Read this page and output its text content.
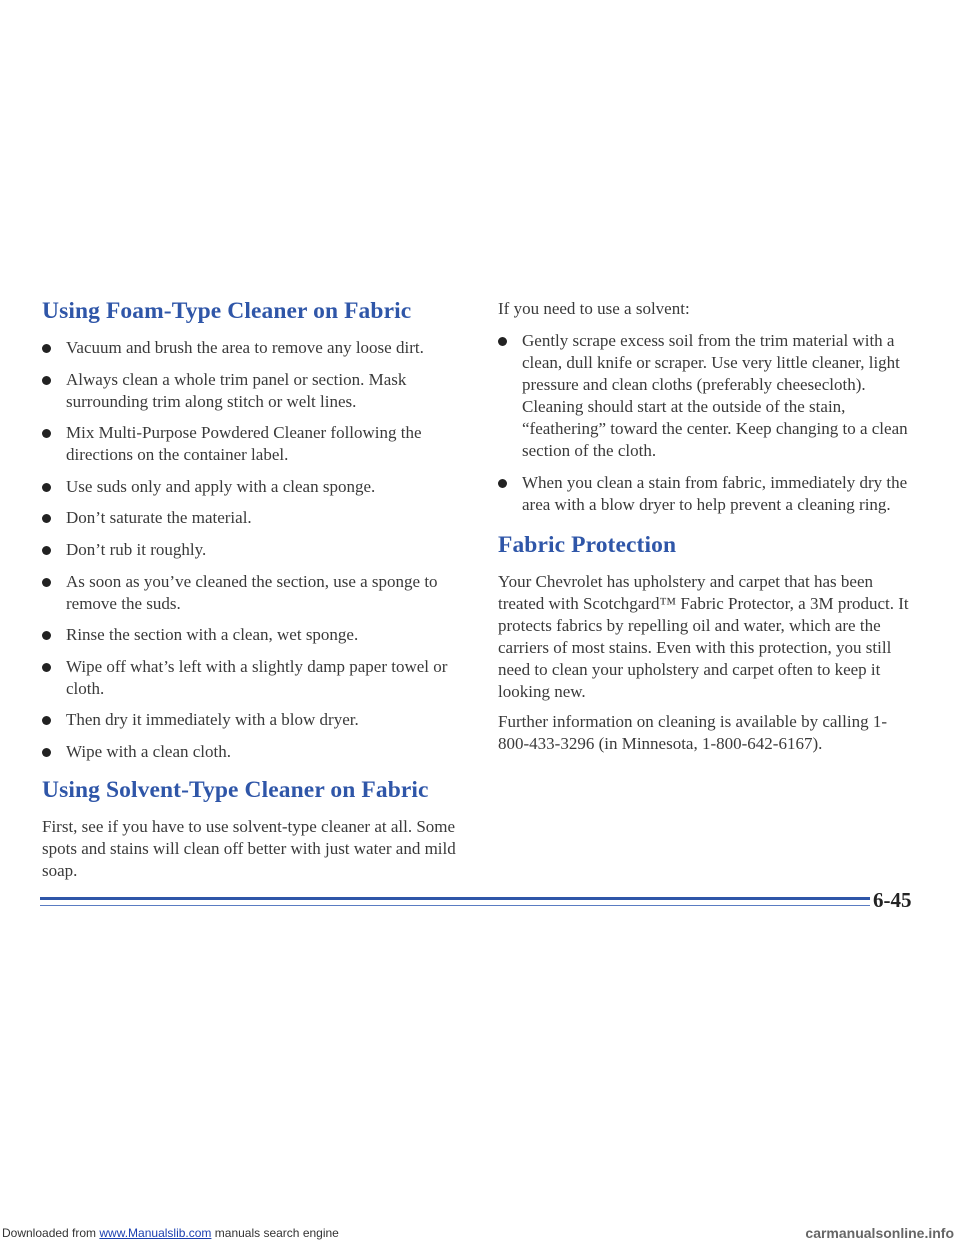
Using Foam-Type Cleaner on Fabric
Vacuum and brush the area to remove any loose dirt.
Always clean a whole trim panel or section. Mask surrounding trim along stitch or welt lines.
Mix Multi-Purpose Powdered Cleaner following the directions on the container label.
Use suds only and apply with a clean sponge.
Don’t saturate the material.
Don’t rub it roughly.
As soon as you’ve cleaned the section, use a sponge to remove the suds.
Rinse the section with a clean, wet sponge.
Wipe off what’s left with a slightly damp paper towel or cloth.
Then dry it immediately with a blow dryer.
Wipe with a clean cloth.
Using Solvent-Type Cleaner on Fabric

First, see if you have to use solvent-type cleaner at all. Some spots and stains will clean off better with just water and mild soap.

If you need to use a solvent:

Gently scrape excess soil from the trim material with a clean, dull knife or scraper. Use very little cleaner, light pressure and clean cloths (preferably cheesecloth). Cleaning should start at the outside of the stain, “feathering” toward the center. Keep changing to a clean section of the cloth.
When you clean a stain from fabric, immediately dry the area with a blow dryer to help prevent a cleaning ring.
Fabric Protection

Your Chevrolet has upholstery and carpet that has been treated with Scotchgard™ Fabric Protector, a 3M product. It protects fabrics by repelling oil and water, which are the carriers of most stains. Even with this protection, you still need to clean your upholstery and carpet often to keep it looking new.

Further information on cleaning is available by calling 1-800-433-3296 (in Minnesota, 1-800-642-6167).

6-45
Downloaded from www.Manualslib.com manuals search engine	carmanualsonline.info
